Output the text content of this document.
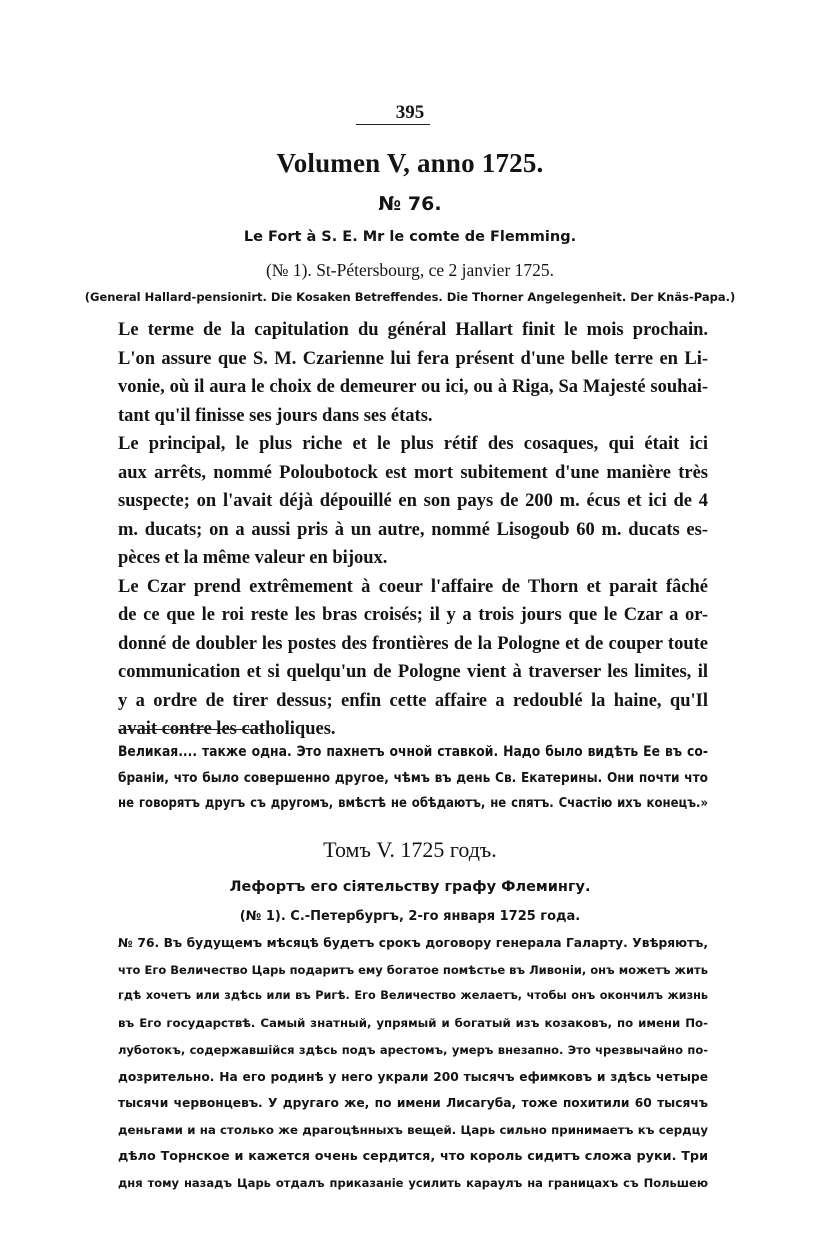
395
Volumen V, anno 1725.
№ 76.
Le Fort à S. E. Mr le comte de Flemming.
(№ 1). St-Pétersbourg, ce 2 janvier 1725.
(General Hallard-pensionirt. Die Kosaken Betreffendes. Die Thorner Angelegenheit. Der Knäs-Papa.)
Le terme de la capitulation du général Hallart finit le mois prochain.
L'on assure que S. M. Czarienne lui fera présent d'une belle terre en Li-
vonie, où il aura le choix de demeurer ou ici, ou à Riga, Sa Majesté souhai-
tant qu'il finisse ses jours dans ses états.
Le principal, le plus riche et le plus rétif des cosaques, qui était ici
aux arrêts, nommé Poloubotock est mort subitement d'une manière très
suspecte; on l'avait déjà dépouillé en son pays de 200 m. écus et ici de 4
m. ducats; on a aussi pris à un autre, nommé Lisogoub 60 m. ducats es-
pèces et la même valeur en bijoux.
Le Czar prend extrêmement à coeur l'affaire de Thorn et parait fâché
de ce que le roi reste les bras croisés; il y a trois jours que le Czar a or-
donné de doubler les postes des frontières de la Pologne et de couper toute
communication et si quelqu'un de Pologne vient à traverser les limites, il
y a ordre de tirer dessus; enfin cette affaire a redoublé la haine, qu'Il
avait contre les catholiques.
Великая.... также одна. Это пахнетъ очной ставкой. Надо было видѣть Ее въ со-
бранiи, что было совершенно другое, чѣмъ въ день Св. Екатерины. Они почти что
не говорятъ другъ съ другомъ, вмѣстѣ не обѣдаютъ, не спятъ. Счастiю ихъ конецъ.»
Томъ V. 1725 годъ.
Лефортъ его сiятельству графу Флемингу.
(№ 1). С.-Петербургъ, 2-го января 1725 года.
№ 76. Въ будущемъ мѣсяцѣ будетъ срокъ договору генерала Галарту. Увѣряютъ,
что Его Величество Царь подаритъ ему богатое помѣстье въ Ливонiи, онъ можетъ жить
гдѣ хочетъ или здѣсь или въ Ригѣ. Его Величество желаетъ, чтобы онъ окончилъ жизнь
въ Его государствѣ. Самый знатный, упрямый и богатый изъ козаковъ, по имени По-
луботокъ, содержавшiйся здѣсь подъ арестомъ, умеръ внезапно. Это чрезвычайно по-
дозрительно. На его родинѣ у него украли 200 тысячъ ефимковъ и здѣсь четыре
тысячи червонцевъ. У другаго же, по имени Лисагуба, тоже похитили 60 тысячъ
деньгами и на столько же драгоцѣнныхъ вещей. Царь сильно принимаетъ къ сердцу
дѣло Торнское и кажется очень сердится, что король сидитъ сложа руки. Три
дня тому назадъ Царь отдалъ приказанiе усилить караулъ на границахъ съ Польшею
